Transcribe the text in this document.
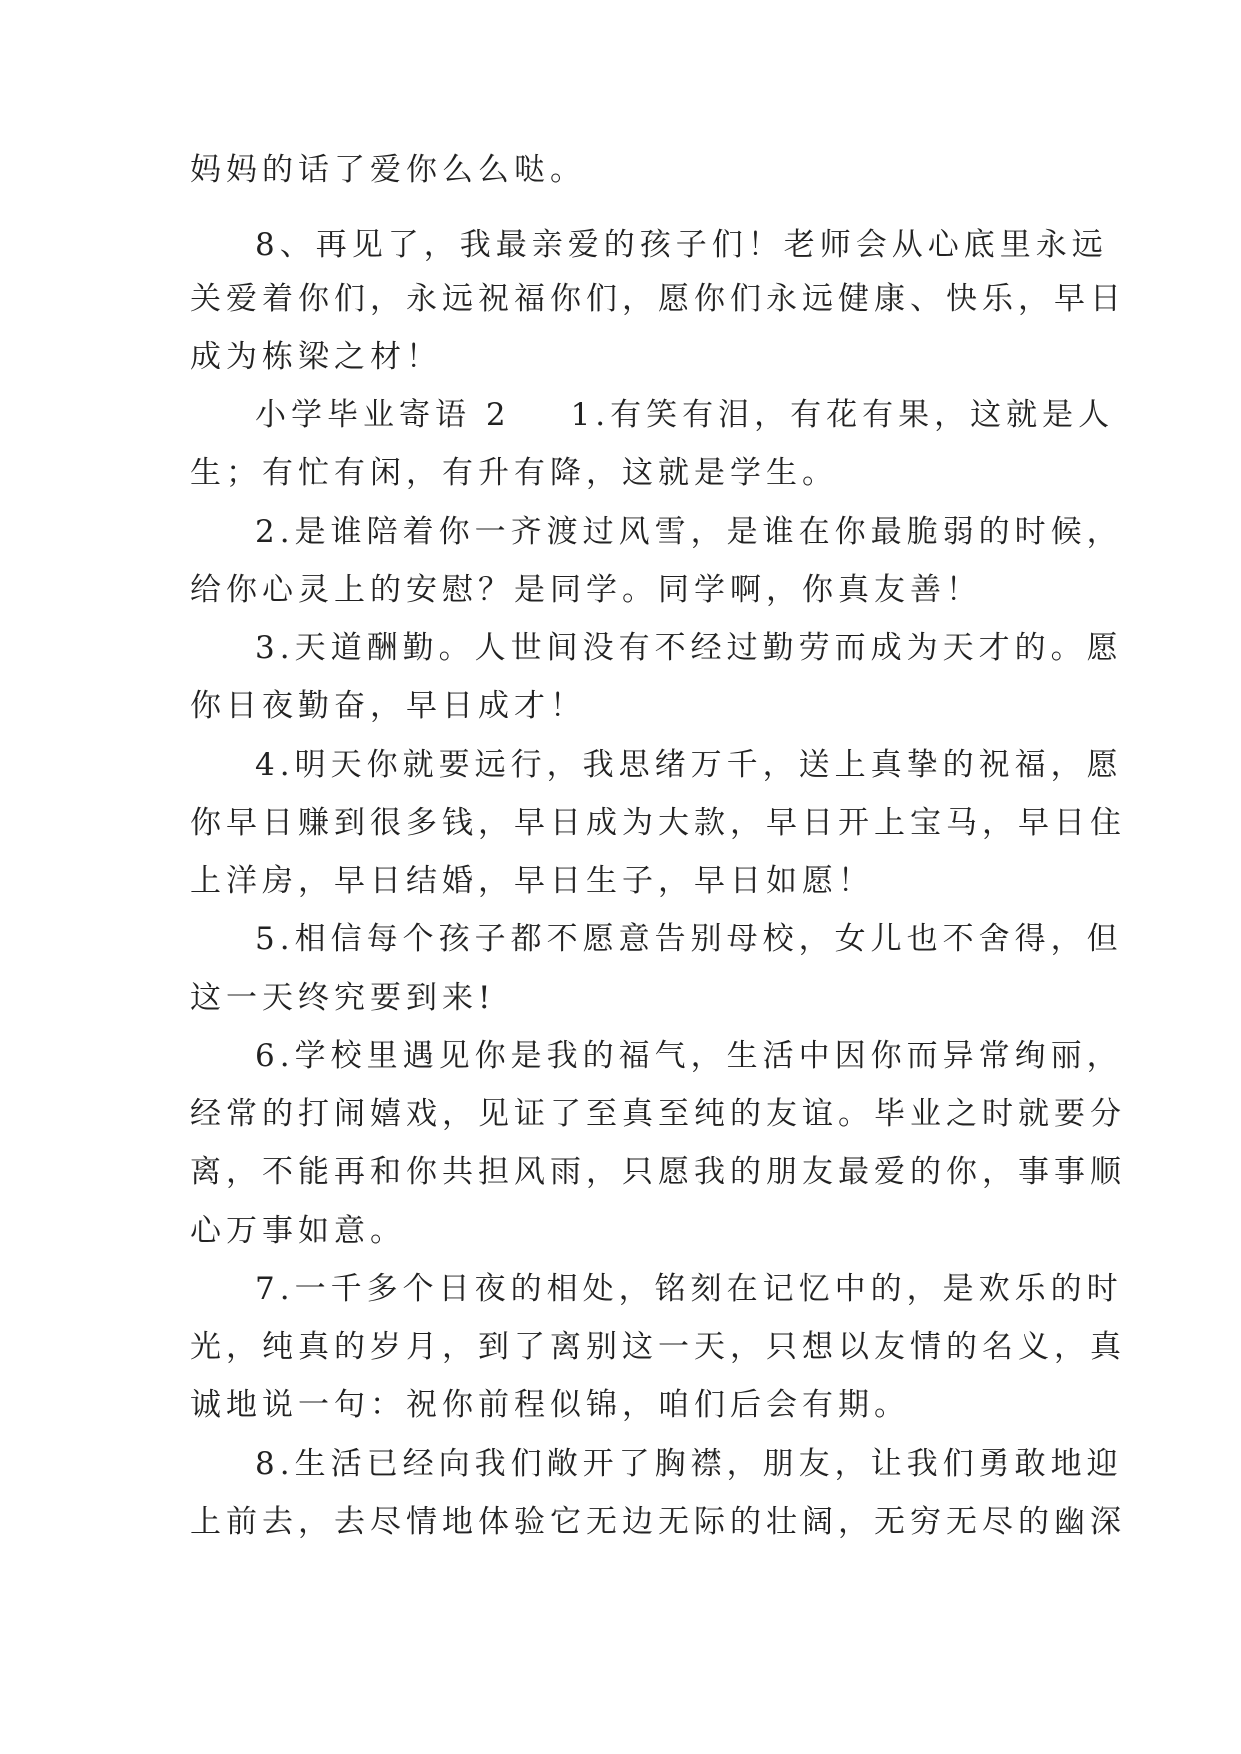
妈妈的话了爱你么么哒。
8、再见了，我最亲爱的孩子们！老师会从心底里永远
关爱着你们，永远祝福你们，愿你们永远健康、快乐，早日
成为栋梁之材！
小学毕业寄语 2 1.有笑有泪，有花有果，这就是人
生；有忙有闲，有升有降，这就是学生。
2.是谁陪着你一齐渡过风雪，是谁在你最脆弱的时候，
给你心灵上的安慰？是同学。同学啊，你真友善！
3.天道酬勤。人世间没有不经过勤劳而成为天才的。愿
你日夜勤奋，早日成才！
4.明天你就要远行，我思绪万千，送上真挚的祝福，愿
你早日赚到很多钱，早日成为大款，早日开上宝马，早日住
上洋房，早日结婚，早日生子，早日如愿！
5.相信每个孩子都不愿意告别母校，女儿也不舍得，但
这一天终究要到来!
6.学校里遇见你是我的福气，生活中因你而异常绚丽，
经常的打闹嬉戏，见证了至真至纯的友谊。毕业之时就要分
离，不能再和你共担风雨，只愿我的朋友最爱的你，事事顺
心万事如意。
7.一千多个日夜的相处，铭刻在记忆中的，是欢乐的时
光，纯真的岁月，到了离别这一天，只想以友情的名义，真
诚地说一句：祝你前程似锦，咱们后会有期。
8.生活已经向我们敞开了胸襟，朋友，让我们勇敢地迎
上前去，去尽情地体验它无边无际的壮阔，无穷无尽的幽深
